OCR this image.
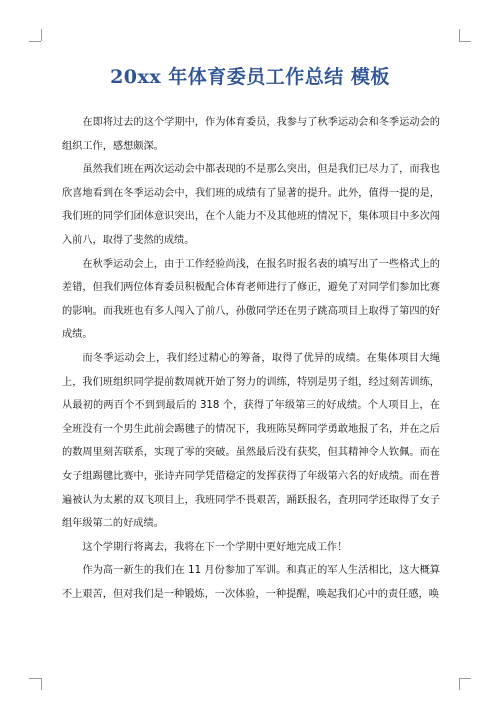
20xx 年体育委员工作总结 模板

在即将过去的这个学期中，作为体育委员，我参与了秋季运动会和冬季运动会的组织工作，感想颇深。

虽然我们班在两次运动会中都表现的不是那么突出，但是我们已尽力了，而我也欣喜地看到在冬季运动会中，我们班的成绩有了显著的提升。此外，值得一提的是，我们班的同学们团体意识突出，在个人能力不及其他班的情况下，集体项目中多次闯入前八，取得了斐然的成绩。

在秋季运动会上，由于工作经验尚浅，在报名时报名表的填写出了一些格式上的差错，但我们两位体育委员积极配合体育老师进行了修正，避免了对同学们参加比赛的影响。而我班也有多人闯入了前八，孙傲同学还在男子跳高项目上取得了第四的好成绩。

而冬季运动会上，我们经过精心的筹备，取得了优异的成绩。在集体项目大绳上，我们班组织同学提前数周就开始了努力的训练，特别是男子组，经过刻苦训练，从最初的两百个不到到最后的 318 个，获得了年级第三的好成绩。个人项目上，在全班没有一个男生此前会踢毽子的情况下，我班陈昊辉同学勇敢地报了名，并在之后的数周里刻苦联系，实现了零的突破。虽然最后没有获奖，但其精神令人钦佩。而在女子组踢毽比赛中，张诗卉同学凭借稳定的发挥获得了年级第六名的好成绩。而在普遍被认为太累的双飞项目上，我班同学不畏艰苦，踊跃报名，査玥同学还取得了女子组年级第二的好成绩。

这个学期行将离去，我将在下一个学期中更好地完成工作！

作为高一新生的我们在 11 月份参加了军训。和真正的军人生活相比，这大概算不上艰苦，但对我们是一种锻炼，一次体验，一种提醒，唤起我们心中的责任感，唤
